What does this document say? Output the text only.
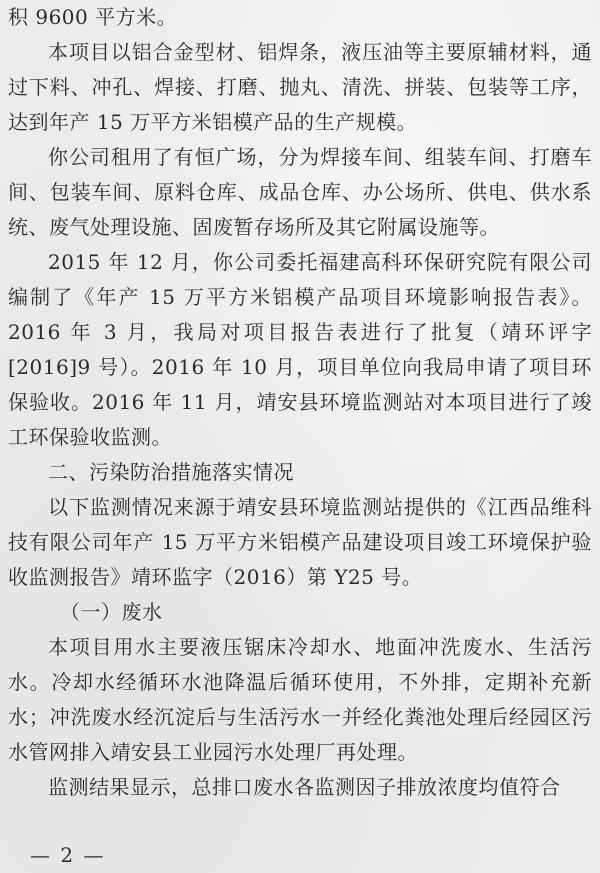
积 9600 平方米。

本项目以铝合金型材、铝焊条，液压油等主要原辅材料，通过下料、冲孔、焊接、打磨、抛丸、清洗、拼装、包装等工序，达到年产 15 万平方米铝模产品的生产规模。

你公司租用了有恒广场，分为焊接车间、组装车间、打磨车间、包装车间、原料仓库、成品仓库、办公场所、供电、供水系统、废气处理设施、固废暂存场所及其它附属设施等。

2015 年 12 月，你公司委托福建高科环保研究院有限公司编制了《年产 15 万平方米铝模产品项目环境影响报告表》。2016 年 3 月，我局对项目报告表进行了批复（靖环评字[2016]9 号）。2016 年 10 月，项目单位向我局申请了项目环保验收。2016 年 11 月，靖安县环境监测站对本项目进行了竣工环保验收监测。

二、污染防治措施落实情况

以下监测情况来源于靖安县环境监测站提供的《江西品维科技有限公司年产 15 万平方米铝模产品建设项目竣工环境保护验收监测报告》靖环监字（2016）第 Y25 号。

（一）废水

本项目用水主要液压锯床冷却水、地面冲洗废水、生活污水。冷却水经循环水池降温后循环使用，不外排，定期补充新水；冲洗废水经沉淀后与生活污水一并经化粪池处理后经园区污水管网排入靖安县工业园污水处理厂再处理。

监测结果显示，总排口废水各监测因子排放浓度均值符合

— 2 —
